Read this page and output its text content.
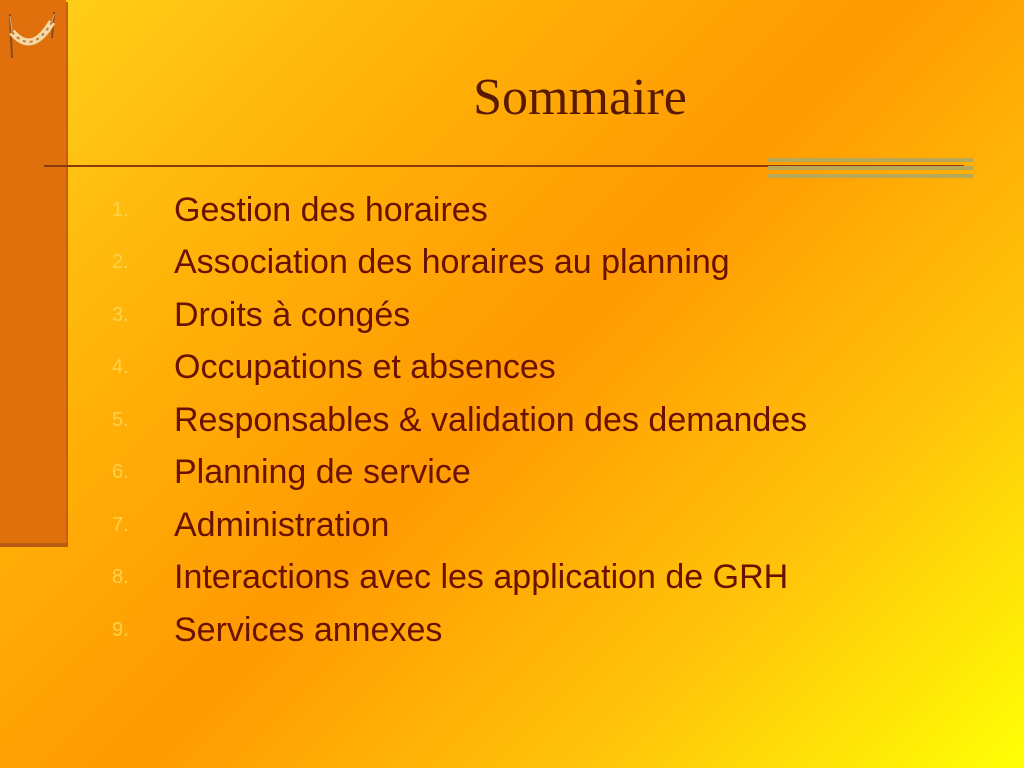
Sommaire
1.	Gestion des horaires
2.	Association des horaires au planning
3.	Droits à congés
4.	Occupations et absences
5.	Responsables & validation des demandes
6.	Planning de service
7.	Administration
8.	Interactions avec les application de GRH
9.	Services annexes
